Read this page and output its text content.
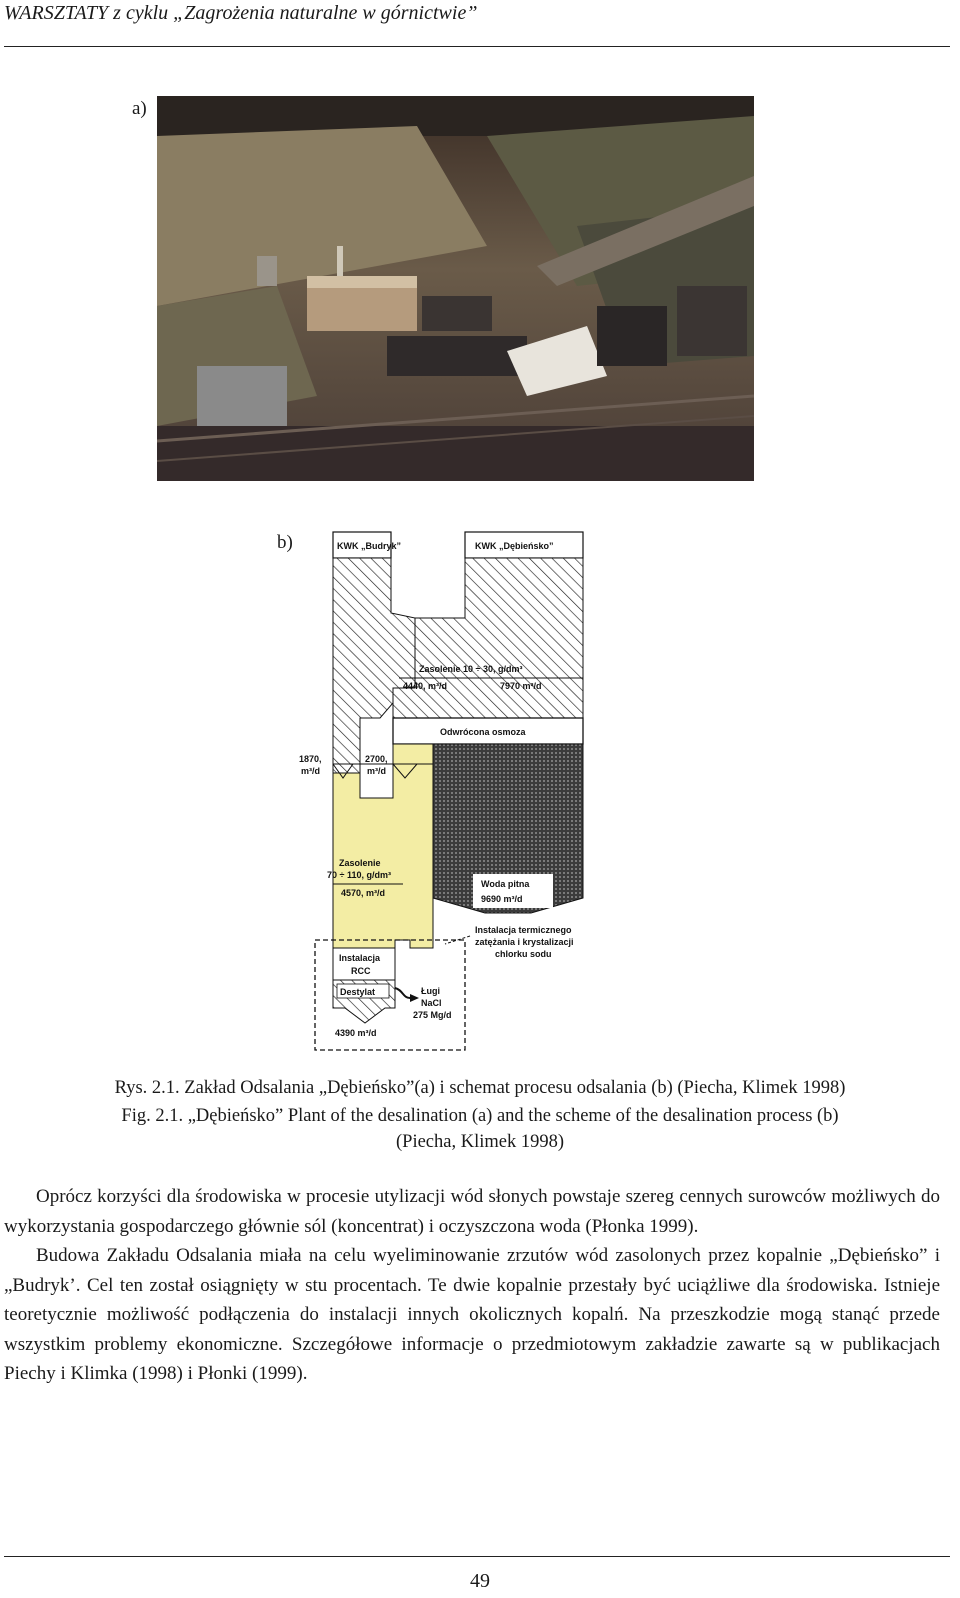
WARSZTATY z cyklu „Zagrożenia naturalne w górnictwie”
a)
b)	KWK „Budryk”	KWK „Dębieńsko”
Zasolenie 10 ÷ 30, g/dm³
4440, m³/d	7970 m³/d
Odwrócona osmoza
1870,
m³/d
2700,
m³/d
Zasolenie
70 ÷ 110, g/dm³
4570, m³/d
Woda pitna
9690 m³/d
Instalacja termicznego
zatężania i krystalizacji
chlorku sodu
Instalacja
RCC
Destylat	Ługi
NaCl
275 Mg/d
4390 m³/d
Rys. 2.1. Zakład Odsalania „Dębieńsko”(a) i schemat procesu odsalania (b) (Piecha, Klimek 1998)
Fig. 2.1. „Dębieńsko” Plant of the desalination (a) and the scheme of the desalination process (b)
(Piecha, Klimek 1998)

Oprócz korzyści dla środowiska w procesie utylizacji wód słonych powstaje szereg cennych surowców możliwych do wykorzystania gospodarczego głównie sól (koncentrat) i oczyszczona woda (Płonka 1999).

Budowa Zakładu Odsalania miała na celu wyeliminowanie zrzutów wód zasolonych przez kopalnie „Dębieńsko” i „Budryk’. Cel ten został osiągnięty w stu procentach. Te dwie kopalnie przestały być uciążliwe dla środowiska. Istnieje teoretycznie możliwość podłączenia do instalacji innych okolicznych kopalń. Na przeszkodzie mogą stanąć przede wszystkim problemy ekonomiczne. Szczegółowe informacje o przedmiotowym zakładzie zawarte są w publikacjach Piechy i Klimka (1998) i Płonki (1999).

49
